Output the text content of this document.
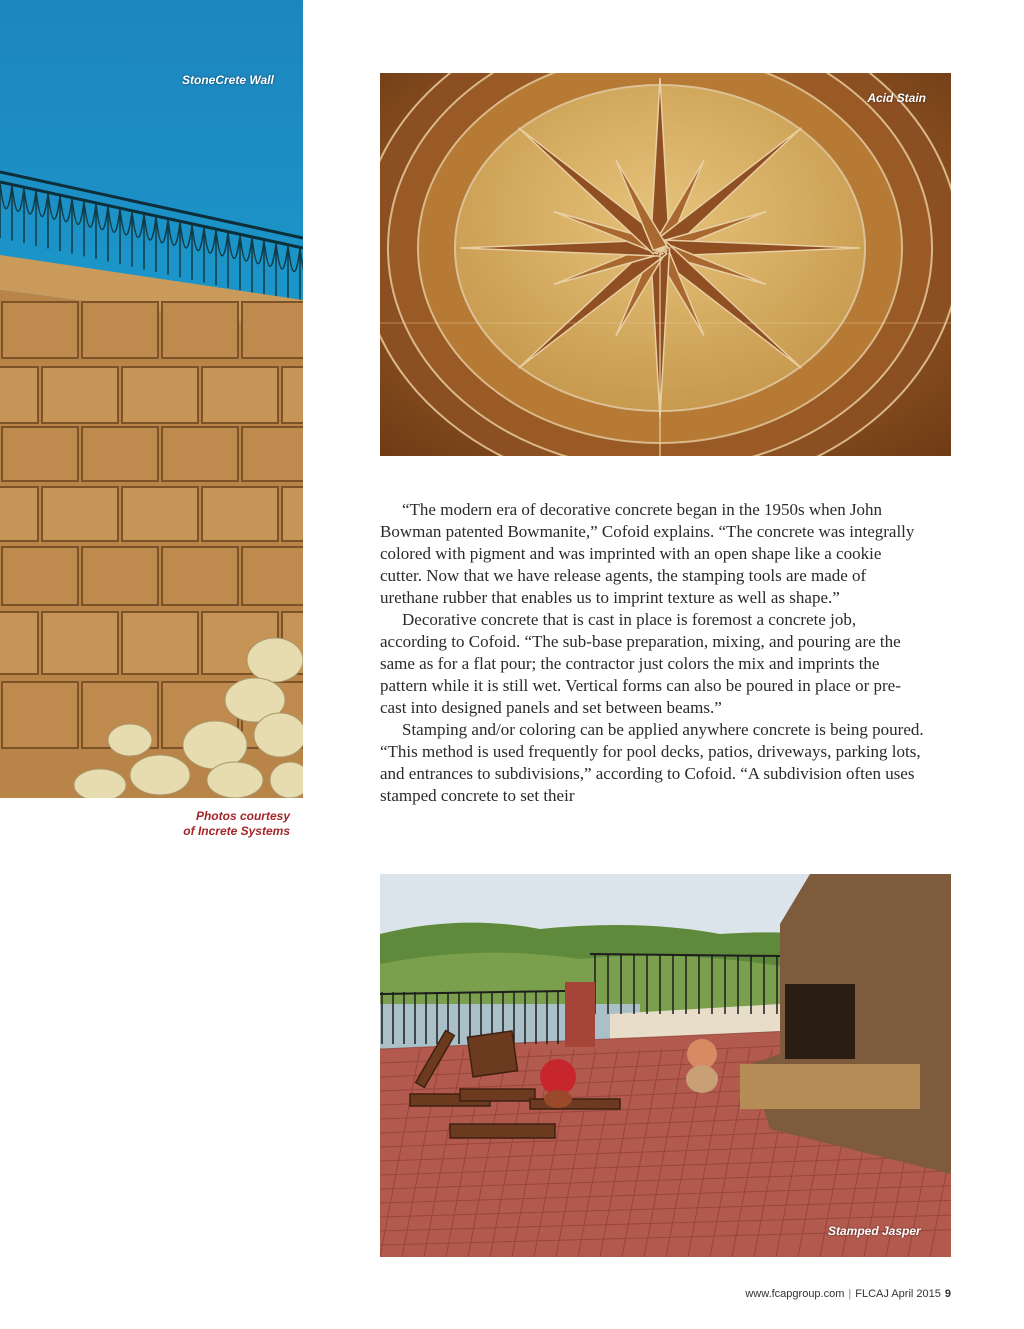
StoneCrete Wall
Photos courtesy
of Increte Systems
Acid Stain

“The modern era of decorative concrete began in the 1950s when John Bowman patented Bowmanite,” Cofoid explains. “The concrete was integrally colored with pigment and was imprinted with an open shape like a cookie cutter. Now that we have release agents, the stamping tools are made of urethane rubber that enables us to imprint texture as well as shape.”

Decorative concrete that is cast in place is foremost a concrete job, according to Cofoid. “The sub-base preparation, mixing, and pouring are the same as for a flat pour; the contractor just colors the mix and imprints the pattern while it is still wet. Vertical forms can also be poured in place or pre-cast into designed panels and set between beams.”

Stamping and/or coloring can be applied anywhere concrete is being poured. “This method is used frequently for pool decks, patios, driveways, parking lots, and entrances to subdivisions,” according to Cofoid. “A subdivision often uses stamped concrete to set their

Stamped Jasper
www.fcapgroup.com | FLCAJ April 2015 9
